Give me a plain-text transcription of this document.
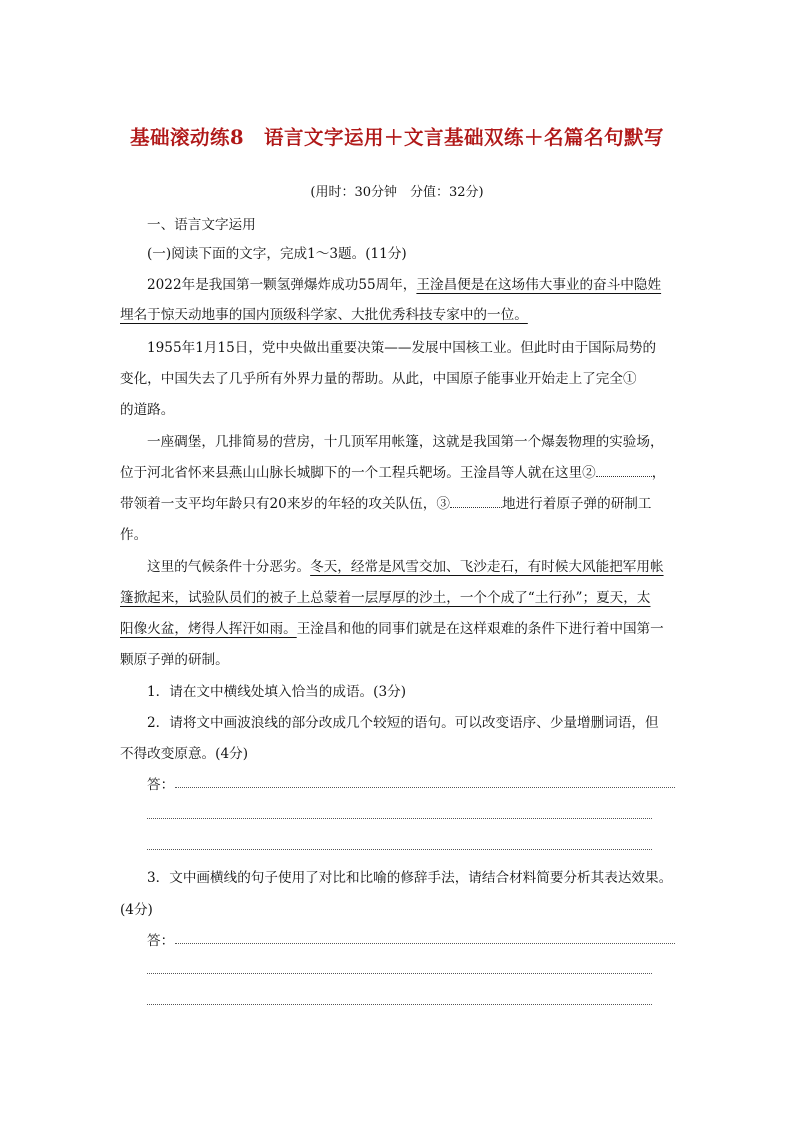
基础滚动练8　语言文字运用＋文言基础双练＋名篇名句默写
(用时：30分钟　分值：32分)
一、语言文字运用
(一)阅读下面的文字，完成1～3题。(11分)
2022年是我国第一颗氢弹爆炸成功55周年，王淦昌便是在这场伟大事业的奋斗中隐姓
埋名于惊天动地事的国内顶级科学家、大批优秀科技专家中的一位。
1955年1月15日，党中央做出重要决策——发展中国核工业。但此时由于国际局势的
变化，中国失去了几乎所有外界力量的帮助。从此，中国原子能事业开始走上了完全①
的道路。
一座碉堡，几排简易的营房，十几顶军用帐篷，这就是我国第一个爆轰物理的实验场，
位于河北省怀来县燕山山脉长城脚下的一个工程兵靶场。王淦昌等人就在这里②	，
带领着一支平均年龄只有20来岁的年轻的攻关队伍，③	地进行着原子弹的研制工
作。
这里的气候条件十分恶劣。冬天，经常是风雪交加、飞沙走石，有时候大风能把军用帐
篷掀起来，试验队员们的被子上总蒙着一层厚厚的沙土，一个个成了“土行孙”；夏天，太
阳像火盆，烤得人挥汗如雨。王淦昌和他的同事们就是在这样艰难的条件下进行着中国第一
颗原子弹的研制。
1．请在文中横线处填入恰当的成语。(3分)
2．请将文中画波浪线的部分改成几个较短的语句。可以改变语序、少量增删词语，但
不得改变原意。(4分)
答：
3．文中画横线的句子使用了对比和比喻的修辞手法，请结合材料简要分析其表达效果。
(4分)
答：
